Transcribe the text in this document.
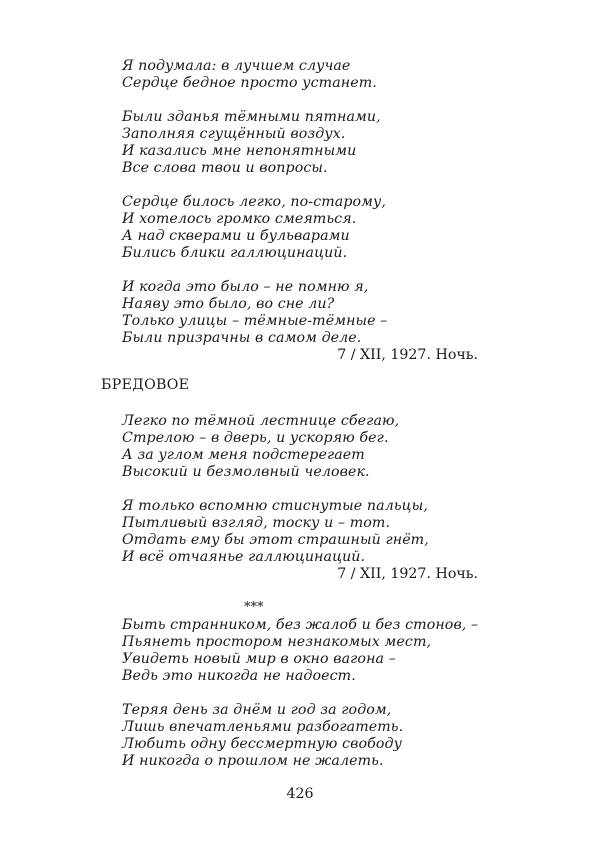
Я подумала: в лучшем случае
Сердце бедное просто устанет.
Были зданья тёмными пятнами,
Заполняя сгущённый воздух.
И казались мне непонятными
Все слова твои и вопросы.
Сердце билось легко, по-старому,
И хотелось громко смеяться.
А над скверами и бульварами
Бились блики галлюцинаций.
И когда это было – не помню я,
Наяву это было, во сне ли?
Только улицы – тёмные-тёмные –
Были призрачны в самом деле.
7 / XII, 1927. Ночь.
БРЕДОВОЕ
Легко по тёмной лестнице сбегаю,
Стрелою – в дверь, и ускоряю бег.
А за углом меня подстерегает
Высокий и безмолвный человек.
Я только вспомню стиснутые пальцы,
Пытливый взгляд, тоску и – тот.
Отдать ему бы этот страшный гнёт,
И всё отчаянье галлюцинаций.
7 / XII, 1927. Ночь.
***
Быть странником, без жалоб и без стонов, –
Пьянеть простором незнакомых мест,
Увидеть новый мир в окно вагона –
Ведь это никогда не надоест.
Теряя день за днём и год за годом,
Лишь впечатленьями разбогатеть.
Любить одну бессмертную свободу
И никогда о прошлом не жалеть.
426
